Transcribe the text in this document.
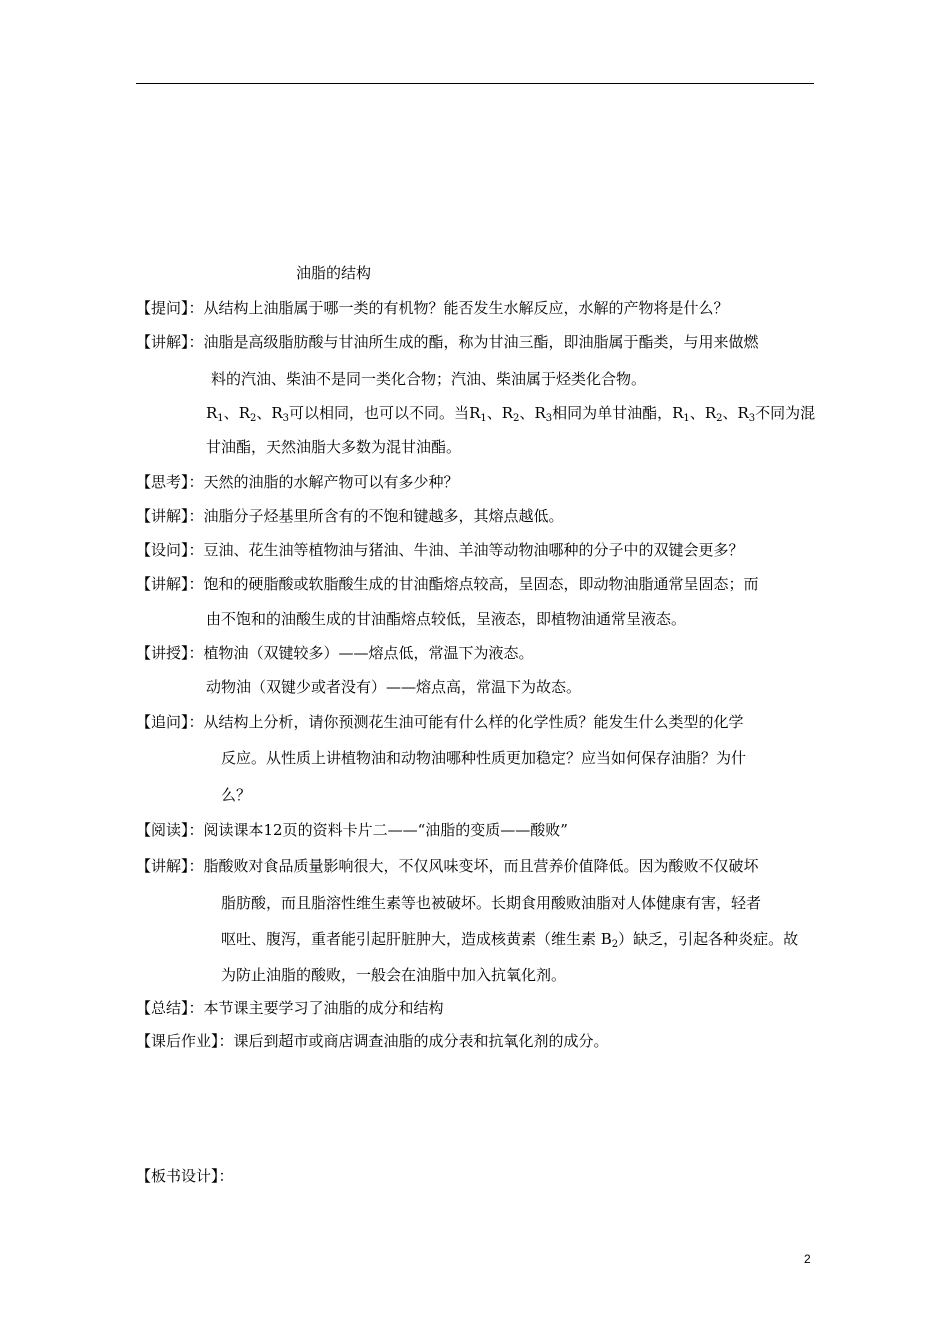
油脂的结构
【提问】：从结构上油脂属于哪一类的有机物？能否发生水解反应，水解的产物将是什么？
【讲解】：油脂是高级脂肪酸与甘油所生成的酯，称为甘油三酯，即油脂属于酯类，与用来做燃
料的汽油、柴油不是同一类化合物；汽油、柴油属于烃类化合物。
$R_1$、$R_2$、$R_3$可以相同，也可以不同。当$R_1$、$R_2$、$R_3$相同为单甘油酯，$R_1$、$R_2$、$R_3$不同为混
甘油酯，天然油脂大多数为混甘油酯。
【思考】：天然的油脂的水解产物可以有多少种？
【讲解】：油脂分子烃基里所含有的不饱和键越多，其熔点越低。
【设问】：豆油、花生油等植物油与猪油、牛油、羊油等动物油哪种的分子中的双键会更多？
【讲解】：饱和的硬脂酸或软脂酸生成的甘油酯熔点较高，呈固态，即动物油脂通常呈固态；而
由不饱和的油酸生成的甘油酯熔点较低，呈液态，即植物油通常呈液态。
【讲授】：植物油（双键较多）——熔点低，常温下为液态。
动物油（双键少或者没有）——熔点高，常温下为故态。
【追问】：从结构上分析，请你预测花生油可能有什么样的化学性质？能发生什么类型的化学
反应。从性质上讲植物油和动物油哪种性质更加稳定？应当如何保存油脂？为什
么？
【阅读】：阅读课本12页的资料卡片二——“油脂的变质——酸败”
【讲解】：脂酸败对食品质量影响很大，不仅风味变坏，而且营养价值降低。因为酸败不仅破坏
脂肪酸，而且脂溶性维生素等也被破坏。长期食用酸败油脂对人体健康有害，轻者
呕吐、腹泻，重者能引起肝脏肿大，造成核黄素（维生素 $B_2$）缺乏，引起各种炎症。故
为防止油脂的酸败，一般会在油脂中加入抗氧化剂。
【总结】：本节课主要学习了油脂的成分和结构
【课后作业】：课后到超市或商店调查油脂的成分表和抗氧化剂的成分。
【板书设计】：
2
